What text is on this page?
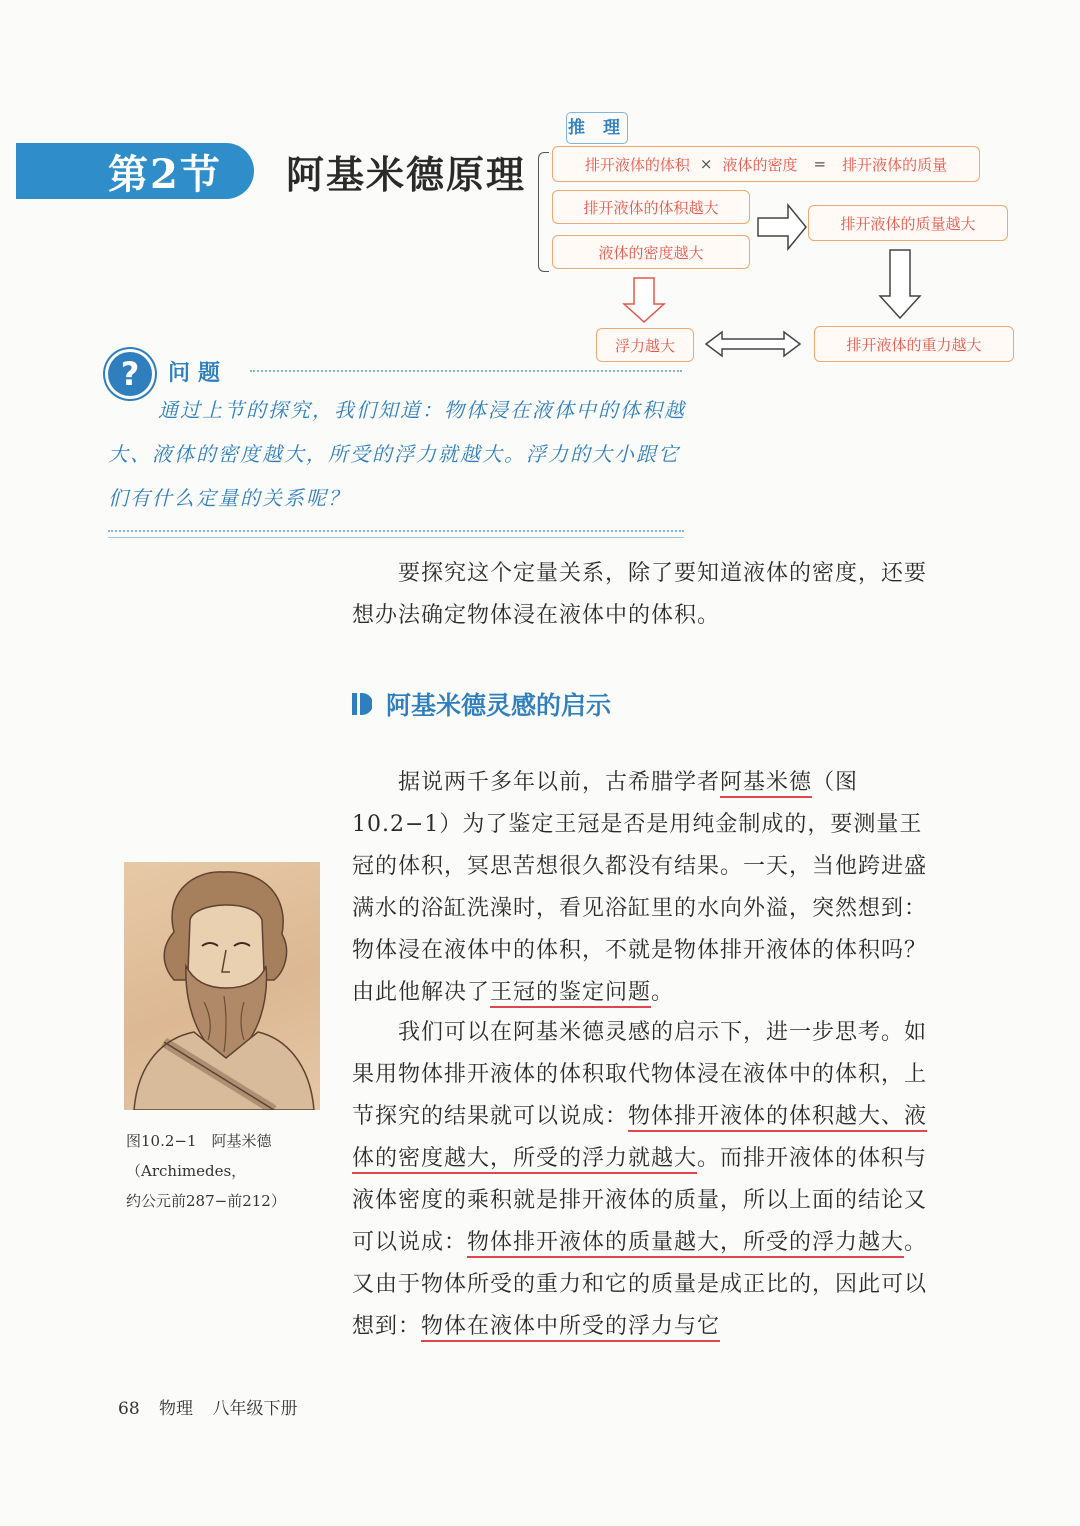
第2节	阿基米德原理
推 理
排开液体的体积 × 液体的密度 = 排开液体的质量
排开液体的体积越大
液体的密度越大
排开液体的质量越大
浮力越大	排开液体的重力越大
?	问题
通过上节的探究，我们知道：物体浸在液体中的体积越大、液体的密度越大，所受的浮力就越大。浮力的大小跟它们有什么定量的关系呢？
要探究这个定量关系，除了要知道液体的密度，还要想办法确定物体浸在液体中的体积。
阿基米德灵感的启示
图10.2−1　阿基米德
（Archimedes，
约公元前287−前212）
据说两千多年以前，古希腊学者阿基米德（图10.2−1）为了鉴定王冠是否是用纯金制成的，要测量王冠的体积，冥思苦想很久都没有结果。一天，当他跨进盛满水的浴缸洗澡时，看见浴缸里的水向外溢，突然想到：物体浸在液体中的体积，不就是物体排开液体的体积吗？由此他解决了王冠的鉴定问题。
我们可以在阿基米德灵感的启示下，进一步思考。如果用物体排开液体的体积取代物体浸在液体中的体积，上节探究的结果就可以说成：物体排开液体的体积越大、液体的密度越大，所受的浮力就越大。而排开液体的体积与液体密度的乘积就是排开液体的质量，所以上面的结论又可以说成：物体排开液体的质量越大，所受的浮力越大。又由于物体所受的重力和它的质量是成正比的，因此可以想到：物体在液体中所受的浮力与它
68 物理 八年级下册
